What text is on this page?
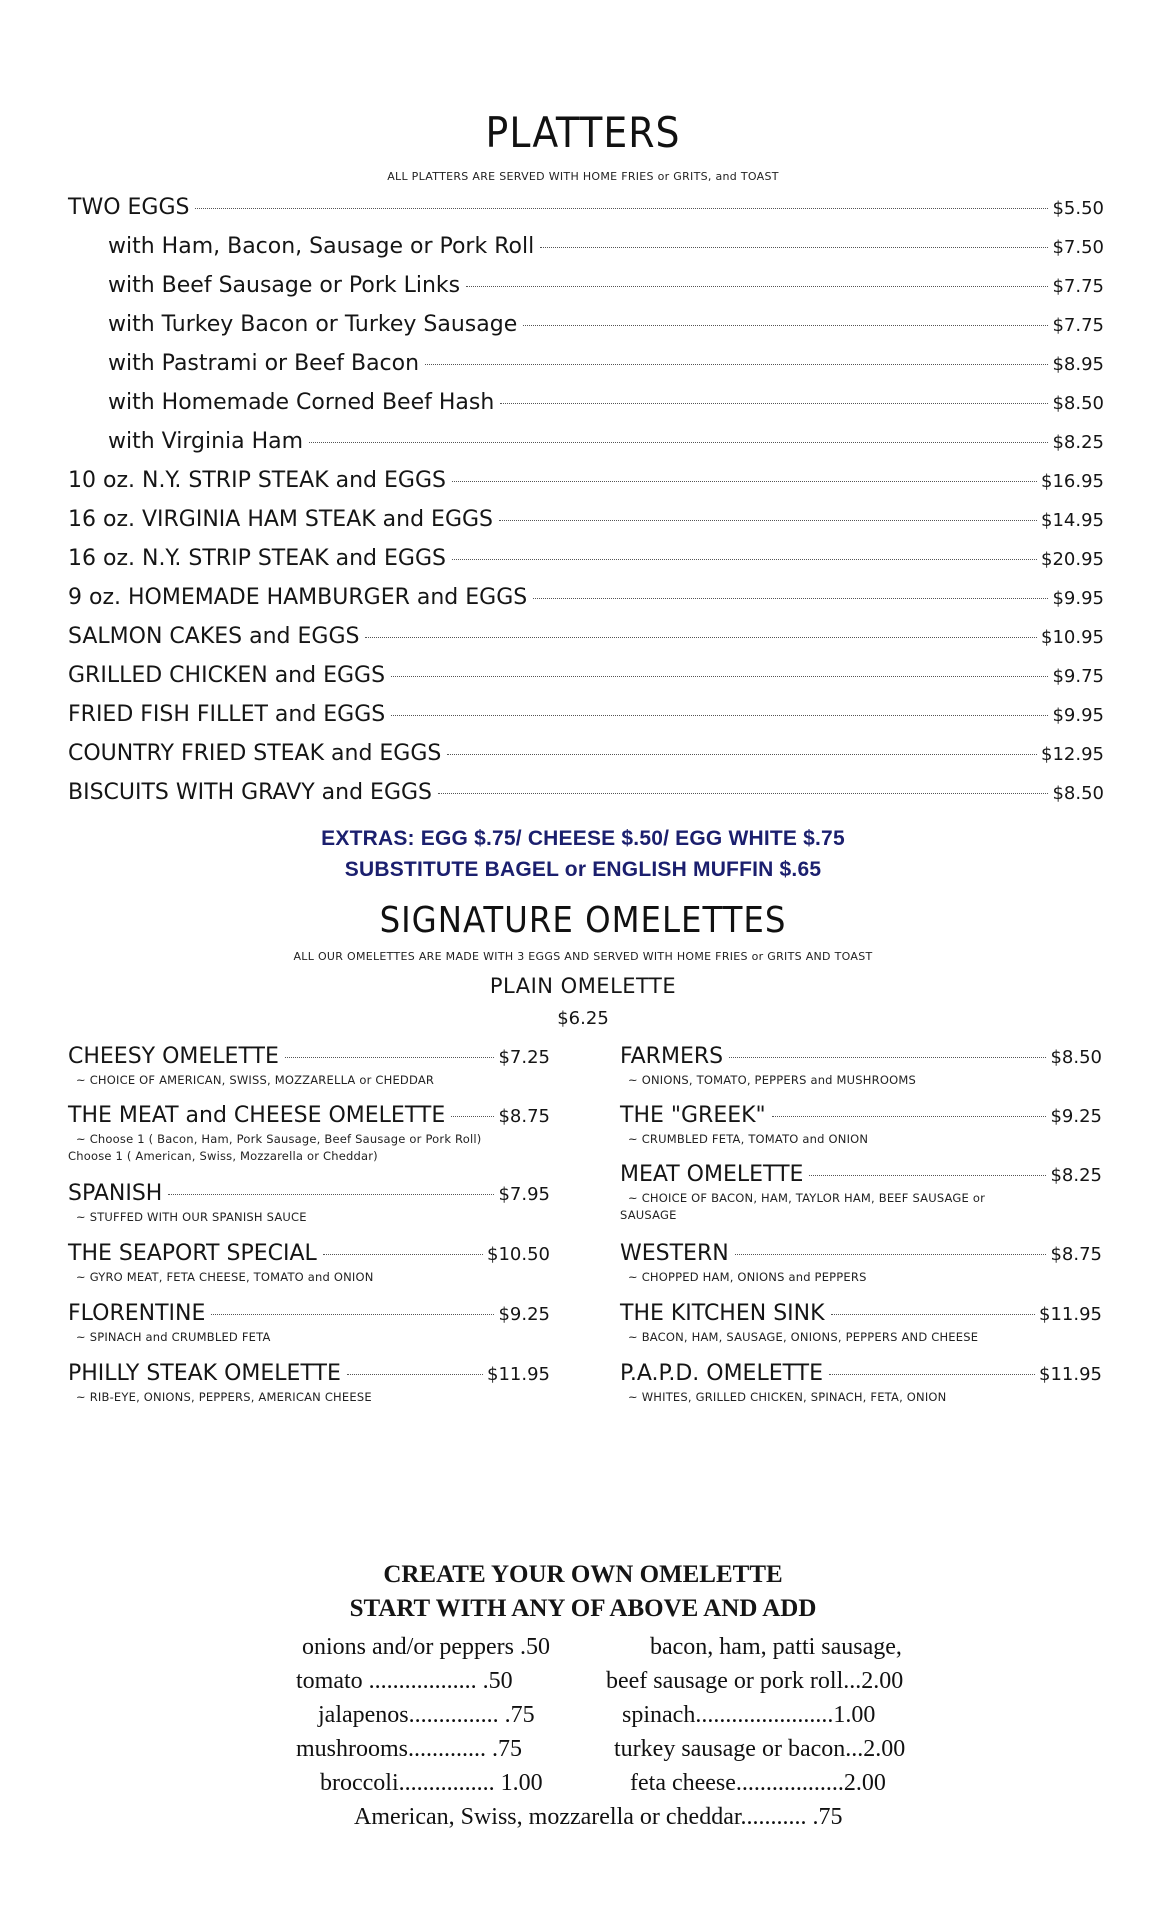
PLATTERS
ALL PLATTERS ARE SERVED WITH HOME FRIES or GRITS, and TOAST
TWO EGGS	$5.50
with Ham, Bacon, Sausage or Pork Roll	$7.50
with Beef Sausage or Pork Links	$7.75
with Turkey Bacon or Turkey Sausage	$7.75
with Pastrami or Beef Bacon	$8.95
with Homemade Corned Beef Hash	$8.50
with Virginia Ham	$8.25
10 oz. N.Y. STRIP STEAK and EGGS	$16.95
16 oz. VIRGINIA HAM STEAK and EGGS	$14.95
16 oz. N.Y. STRIP STEAK and EGGS	$20.95
9 oz. HOMEMADE HAMBURGER and EGGS	$9.95
SALMON CAKES and EGGS	$10.95
GRILLED CHICKEN and EGGS	$9.75
FRIED FISH FILLET and EGGS	$9.95
COUNTRY FRIED STEAK and EGGS	$12.95
BISCUITS WITH GRAVY and EGGS	$8.50
EXTRAS: EGG $.75/ CHEESE $.50/ EGG WHITE $.75
SUBSTITUTE BAGEL or ENGLISH MUFFIN $.65
SIGNATURE OMELETTES
ALL OUR OMELETTES ARE MADE WITH 3 EGGS AND SERVED WITH HOME FRIES or GRITS AND TOAST
PLAIN OMELETTE
$6.25
CHEESY OMELETTE	$7.25
~ CHOICE OF AMERICAN, SWISS, MOZZARELLA or CHEDDAR
THE MEAT and CHEESE OMELETTE	$8.75
~ Choose 1 ( Bacon, Ham, Pork Sausage, Beef Sausage or Pork Roll)
Choose 1 ( American, Swiss, Mozzarella or Cheddar)
SPANISH	$7.95
~ STUFFED WITH OUR SPANISH SAUCE
THE SEAPORT SPECIAL	$10.50
~ GYRO MEAT, FETA CHEESE, TOMATO and ONION
FLORENTINE	$9.25
~ SPINACH and CRUMBLED FETA
PHILLY STEAK OMELETTE	$11.95
~ RIB-EYE, ONIONS, PEPPERS, AMERICAN CHEESE
FARMERS	$8.50
~ ONIONS, TOMATO, PEPPERS and MUSHROOMS
THE "GREEK"	$9.25
~ CRUMBLED FETA, TOMATO and ONION
MEAT OMELETTE	$8.25
~ CHOICE OF BACON, HAM, TAYLOR HAM, BEEF SAUSAGE or
SAUSAGE
WESTERN	$8.75
~ CHOPPED HAM, ONIONS and PEPPERS
THE KITCHEN SINK	$11.95
~ BACON, HAM, SAUSAGE, ONIONS, PEPPERS AND CHEESE
P.A.P.D. OMELETTE	$11.95
~ WHITES, GRILLED CHICKEN, SPINACH, FETA, ONION
CREATE YOUR OWN OMELETTE
START WITH ANY OF ABOVE AND ADD
onions and/or peppers .50
tomato .................. .50
jalapenos............... .75
mushrooms............. .75
broccoli................ 1.00
bacon, ham, patti sausage,
beef sausage or pork roll...2.00
spinach.......................1.00
turkey sausage or bacon...2.00
feta cheese..................2.00
American, Swiss, mozzarella or cheddar........... .75
